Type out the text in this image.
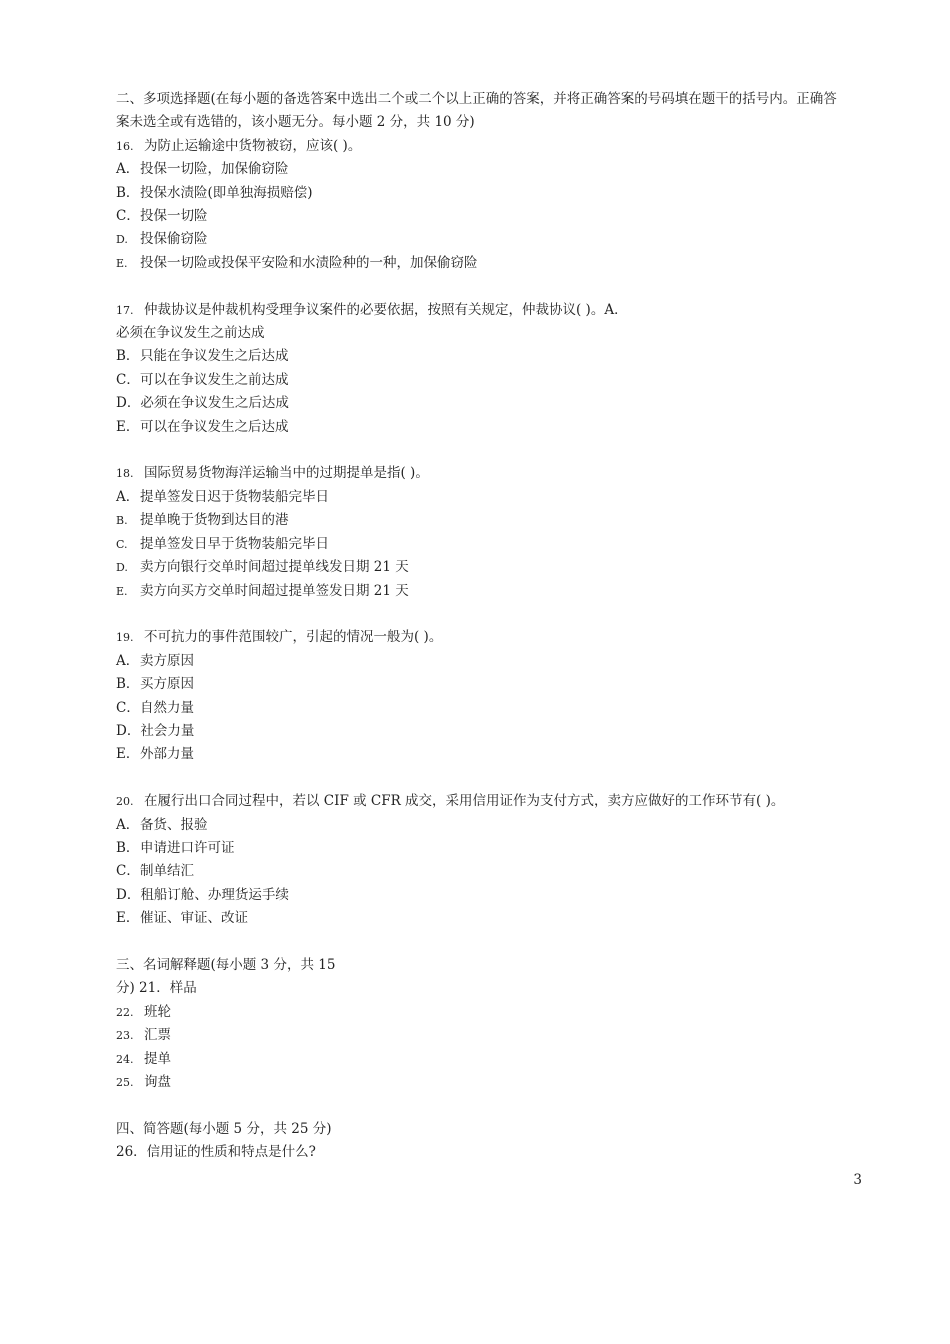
二、多项选择题(在每小题的备选答案中选出二个或二个以上正确的答案，并将正确答案的号码填在题干的括号内。正确答
案未选全或有选错的，该小题无分。每小题 2 分，共 10 分)
16. 为防止运输途中货物被窃，应该( )。
A．投保一切险，加保偷窃险
B．投保水渍险(即单独海损赔偿)
C．投保一切险
D. 投保偷窃险
E. 投保一切险或投保平安险和水渍险种的一种，加保偷窃险
17. 仲裁协议是仲裁机构受理争议案件的必要依据，按照有关规定，仲裁协议( )。A．
必须在争议发生之前达成
B．只能在争议发生之后达成
C．可以在争议发生之前达成
D．必须在争议发生之后达成
E．可以在争议发生之后达成
18. 国际贸易货物海洋运输当中的过期提单是指( )。
A．提单签发日迟于货物装船完毕日
B. 提单晚于货物到达目的港
C. 提单签发日早于货物装船完毕日
D. 卖方向银行交单时间超过提单线发日期 21 天
E. 卖方向买方交单时间超过提单签发日期 21 天
19. 不可抗力的事件范围较广，引起的情况一般为( )。
A．卖方原因
B．买方原因
C．自然力量
D．社会力量
E．外部力量
20. 在履行出口合同过程中，若以 CIF 或 CFR 成交，采用信用证作为支付方式，卖方应做好的工作环节有( )。
A．备货、报验
B．申请进口许可证
C．制单结汇
D．租船订舱、办理货运手续
E．催证、审证、改证
三、名词解释题(每小题 3 分，共 15
分) 21．样品
22. 班轮
23. 汇票
24. 提单
25. 询盘
四、简答题(每小题 5 分，共 25 分)
26．信用证的性质和特点是什么?
3
